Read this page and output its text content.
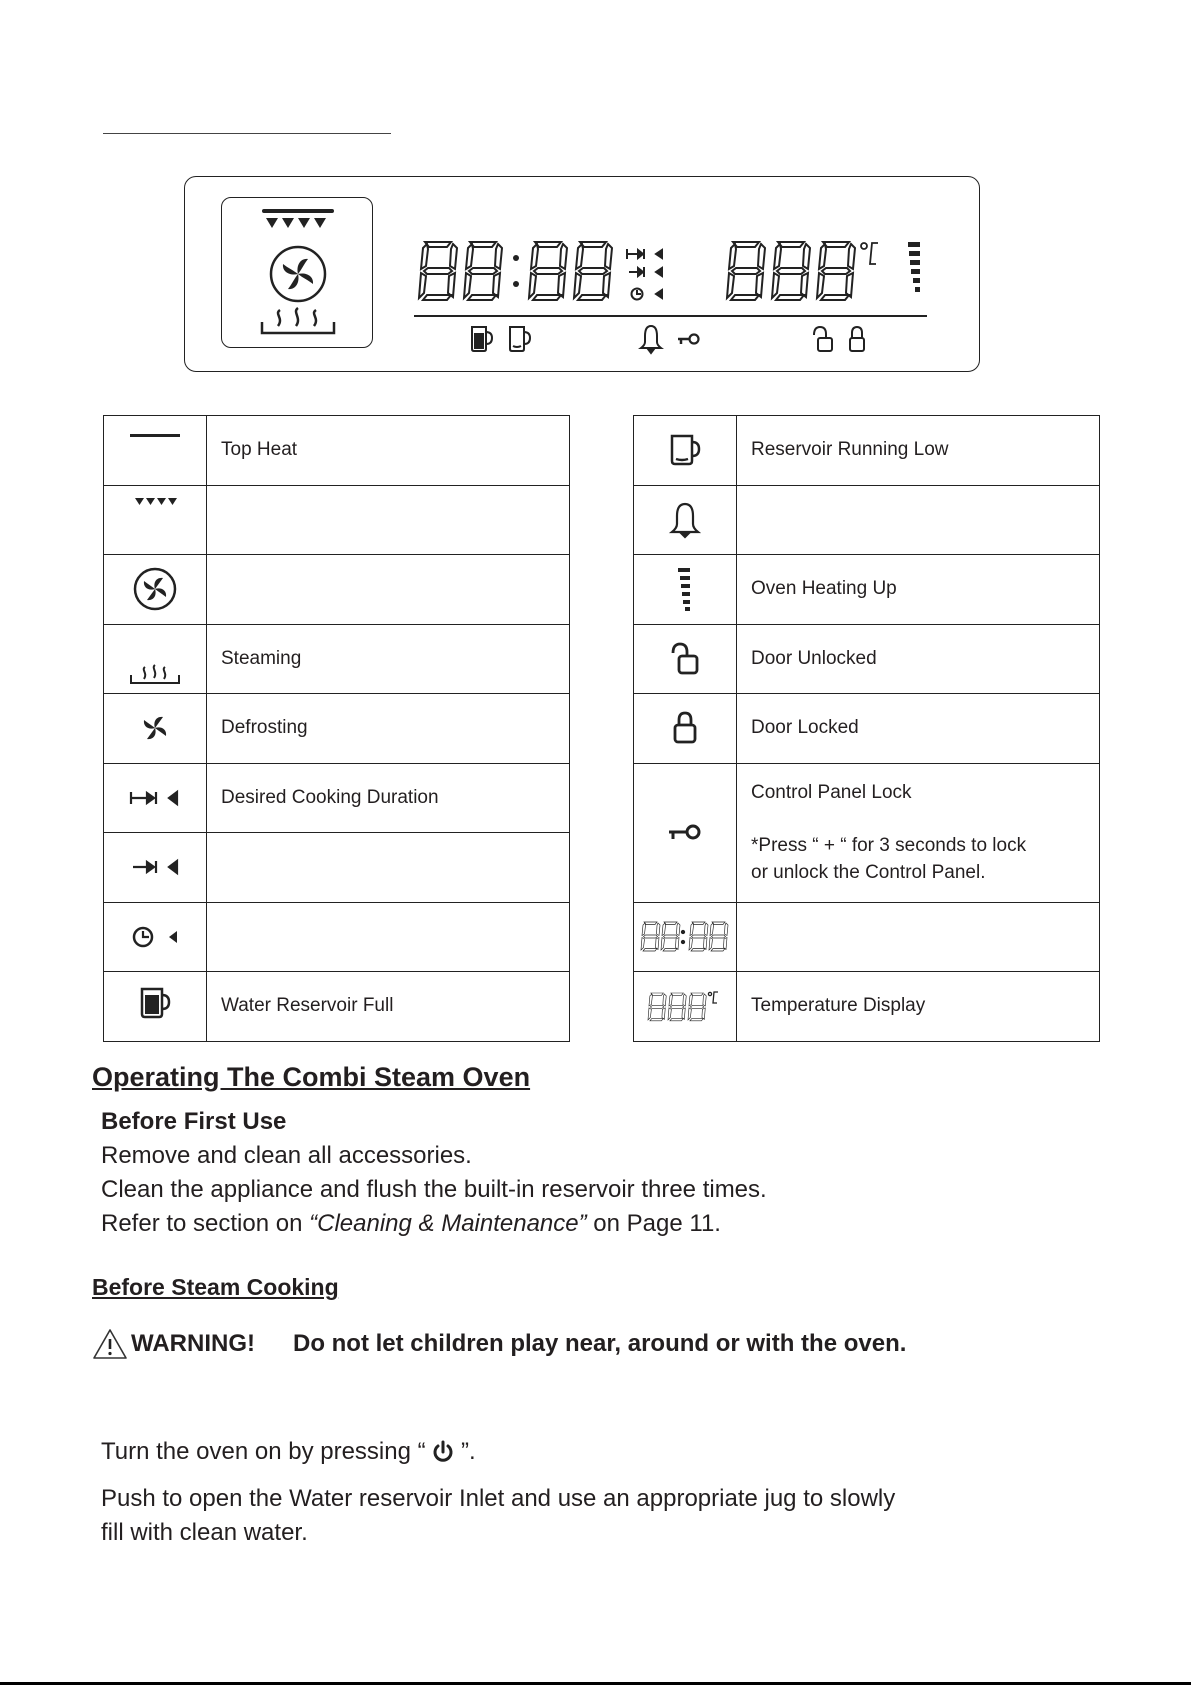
	Top Heat

	Steaming
	Defrosting
	Desired Cooking Duration

	Water Reservoir Full
	Reservoir Running Low

	Oven Heating Up
	Door Unlocked
	Door Locked

Control Panel Lock
*Press “ + “ for 3 seconds to lock
or unlock the Control Panel.

	Temperature Display
Operating The Combi Steam Oven
Before First Use
Remove and clean all accessories.
Clean the appliance and flush the built-in reservoir three times.
Refer to section on “Cleaning & Maintenance” on Page 11.
Before Steam Cooking
WARNING! Do not let children play near, around or with the oven.
Turn the oven on by pressing “ ”.
Push to open the Water reservoir Inlet and use an appropriate jug to slowly
fill with clean water.
